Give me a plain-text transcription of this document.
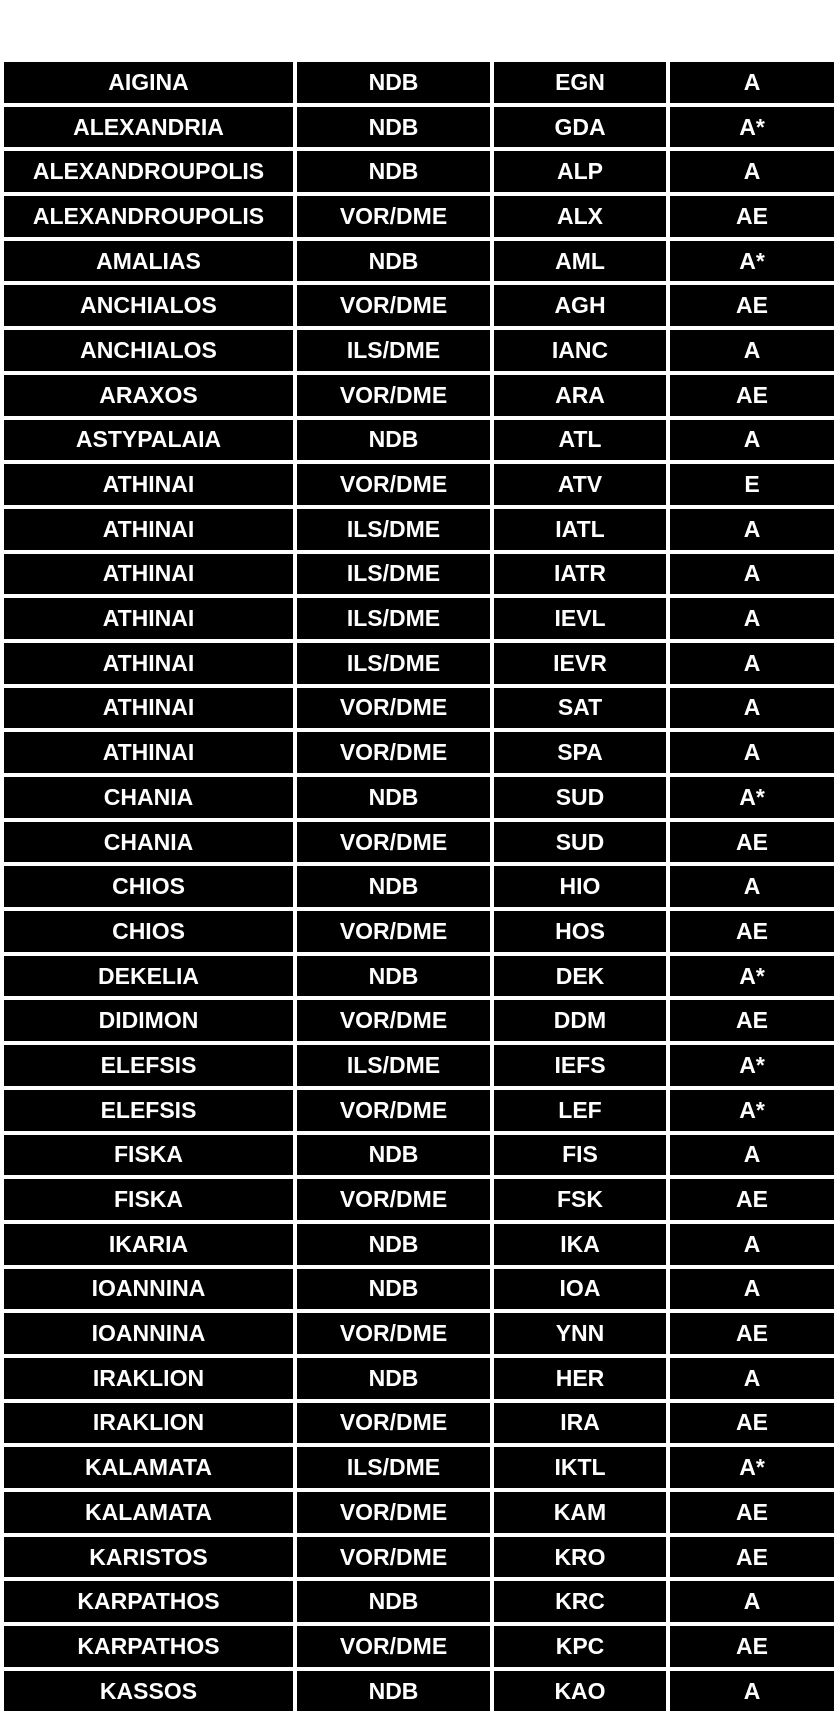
AIGINA	NDB	EGN	A
ALEXANDRIA	NDB	GDA	A*
ALEXANDROUPOLIS	NDB	ALP	A
ALEXANDROUPOLIS	VOR/DME	ALX	AE
AMALIAS	NDB	AML	A*
ANCHIALOS	VOR/DME	AGH	AE
ANCHIALOS	ILS/DME	IANC	A
ARAXOS	VOR/DME	ARA	AE
ASTYPALAIA	NDB	ATL	A
ATHINAI	VOR/DME	ATV	E
ATHINAI	ILS/DME	IATL	A
ATHINAI	ILS/DME	IATR	A
ATHINAI	ILS/DME	IEVL	A
ATHINAI	ILS/DME	IEVR	A
ATHINAI	VOR/DME	SAT	A
ATHINAI	VOR/DME	SPA	A
CHANIA	NDB	SUD	A*
CHANIA	VOR/DME	SUD	AE
CHIOS	NDB	HIO	A
CHIOS	VOR/DME	HOS	AE
DEKELIA	NDB	DEK	A*
DIDIMON	VOR/DME	DDM	AE
ELEFSIS	ILS/DME	IEFS	A*
ELEFSIS	VOR/DME	LEF	A*
FISKA	NDB	FIS	A
FISKA	VOR/DME	FSK	AE
IKARIA	NDB	IKA	A
IOANNINA	NDB	IOA	A
IOANNINA	VOR/DME	YNN	AE
IRAKLION	NDB	HER	A
IRAKLION	VOR/DME	IRA	AE
KALAMATA	ILS/DME	IKTL	A*
KALAMATA	VOR/DME	KAM	AE
KARISTOS	VOR/DME	KRO	AE
KARPATHOS	NDB	KRC	A
KARPATHOS	VOR/DME	KPC	AE
KASSOS	NDB	KAO	A
